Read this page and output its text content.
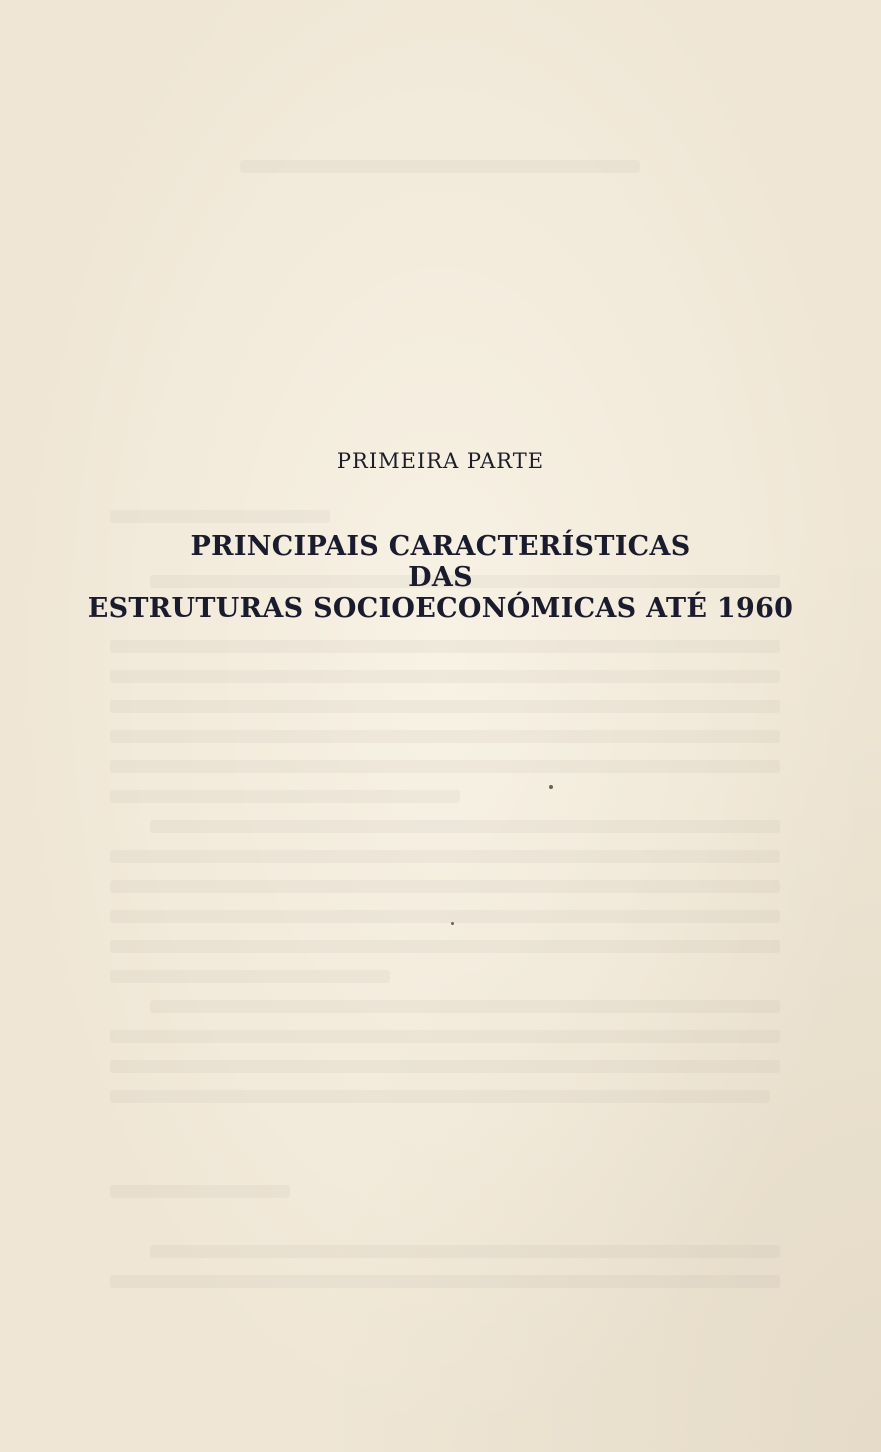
PRIMEIRA PARTE
PRINCIPAIS CARACTERÍSTICAS
DAS
ESTRUTURAS SOCIOECONÓMICAS ATÉ 1960
